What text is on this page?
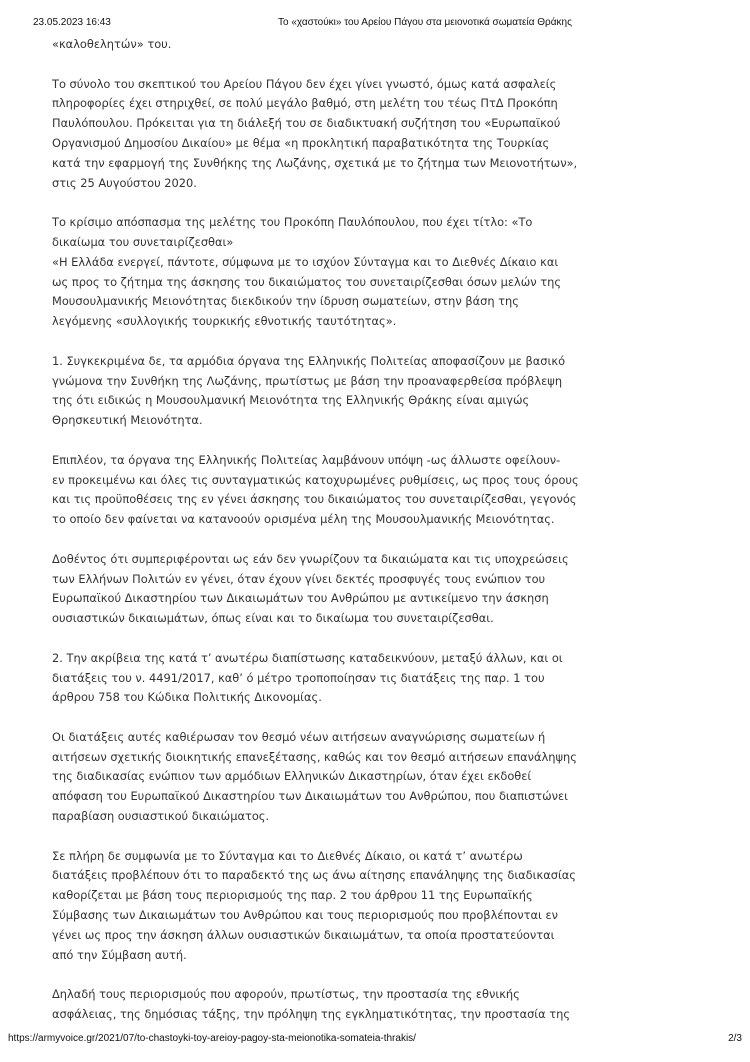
23.05.2023 16:43	Το «χαστούκι» του Αρείου Πάγου στα μειονοτικά σωματεία Θράκης
«καλοθελητών» του.
Το σύνολο του σκεπτικού του Αρείου Πάγου δεν έχει γίνει γνωστό, όμως κατά ασφαλείς
πληροφορίες έχει στηριχθεί, σε πολύ μεγάλο βαθμό, στη μελέτη του τέως ΠτΔ Προκόπη
Παυλόπουλου. Πρόκειται για τη διάλεξή του σε διαδικτυακή συζήτηση του «Ευρωπαϊκού
Οργανισμού Δημοσίου Δικαίου» με θέμα «η προκλητική παραβατικότητα της Τουρκίας
κατά την εφαρμογή της Συνθήκης της Λωζάνης, σχετικά με το ζήτημα των Μειονοτήτων»,
στις 25 Αυγούστου 2020.
Το κρίσιμο απόσπασμα της μελέτης του Προκόπη Παυλόπουλου, που έχει τίτλο: «Το
δικαίωμα του συνεταιρίζεσθαι»
«Η Ελλάδα ενεργεί, πάντοτε, σύμφωνα με το ισχύον Σύνταγμα και το Διεθνές Δίκαιο και
ως προς το ζήτημα της άσκησης του δικαιώματος του συνεταιρίζεσθαι όσων μελών της
Μουσουλμανικής Μειονότητας διεκδικούν την ίδρυση σωματείων, στην βάση της
λεγόμενης «συλλογικής τουρκικής εθνοτικής ταυτότητας».
1. Συγκεκριμένα δε, τα αρμόδια όργανα της Ελληνικής Πολιτείας αποφασίζουν με βασικό
γνώμονα την Συνθήκη της Λωζάνης, πρωτίστως με βάση την προαναφερθείσα πρόβλεψη
της ότι ειδικώς η Μουσουλμανική Μειονότητα της Ελληνικής Θράκης είναι αμιγώς
Θρησκευτική Μειονότητα.
Επιπλέον, τα όργανα της Ελληνικής Πολιτείας λαμβάνουν υπόψη -ως άλλωστε οφείλουν-
εν προκειμένω και όλες τις συνταγματικώς κατοχυρωμένες ρυθμίσεις, ως προς τους όρους
και τις προϋποθέσεις της εν γένει άσκησης του δικαιώματος του συνεταιρίζεσθαι, γεγονός
το οποίο δεν φαίνεται να κατανοούν ορισμένα μέλη της Μουσουλμανικής Μειονότητας.
Δοθέντος ότι συμπεριφέρονται ως εάν δεν γνωρίζουν τα δικαιώματα και τις υποχρεώσεις
των Ελλήνων Πολιτών εν γένει, όταν έχουν γίνει δεκτές προσφυγές τους ενώπιον του
Ευρωπαϊκού Δικαστηρίου των Δικαιωμάτων του Ανθρώπου με αντικείμενο την άσκηση
ουσιαστικών δικαιωμάτων, όπως είναι και το δικαίωμα του συνεταιρίζεσθαι.
2. Την ακρίβεια της κατά τ’ ανωτέρω διαπίστωσης καταδεικνύουν, μεταξύ άλλων, και οι
διατάξεις του ν. 4491/2017, καθ’ ό μέτρο τροποποίησαν τις διατάξεις της παρ. 1 του
άρθρου 758 του Κώδικα Πολιτικής Δικονομίας.
Οι διατάξεις αυτές καθιέρωσαν τον θεσμό νέων αιτήσεων αναγνώρισης σωματείων ή
αιτήσεων σχετικής διοικητικής επανεξέτασης, καθώς και τον θεσμό αιτήσεων επανάληψης
της διαδικασίας ενώπιον των αρμόδιων Ελληνικών Δικαστηρίων, όταν έχει εκδοθεί
απόφαση του Ευρωπαϊκού Δικαστηρίου των Δικαιωμάτων του Ανθρώπου, που διαπιστώνει
παραβίαση ουσιαστικού δικαιώματος.
Σε πλήρη δε συμφωνία με το Σύνταγμα και το Διεθνές Δίκαιο, οι κατά τ’ ανωτέρω
διατάξεις προβλέπουν ότι το παραδεκτό της ως άνω αίτησης επανάληψης της διαδικασίας
καθορίζεται με βάση τους περιορισμούς της παρ. 2 του άρθρου 11 της Ευρωπαϊκής
Σύμβασης των Δικαιωμάτων του Ανθρώπου και τους περιορισμούς που προβλέπονται εν
γένει ως προς την άσκηση άλλων ουσιαστικών δικαιωμάτων, τα οποία προστατεύονται
από την Σύμβαση αυτή.
Δηλαδή τους περιορισμούς που αφορούν, πρωτίστως, την προστασία της εθνικής
ασφάλειας, της δημόσιας τάξης, την πρόληψη της εγκληματικότητας, την προστασία της
https://armyvoice.gr/2021/07/to-chastoyki-toy-areioy-pagoy-sta-meionotika-somateia-thrakis/	2/3
